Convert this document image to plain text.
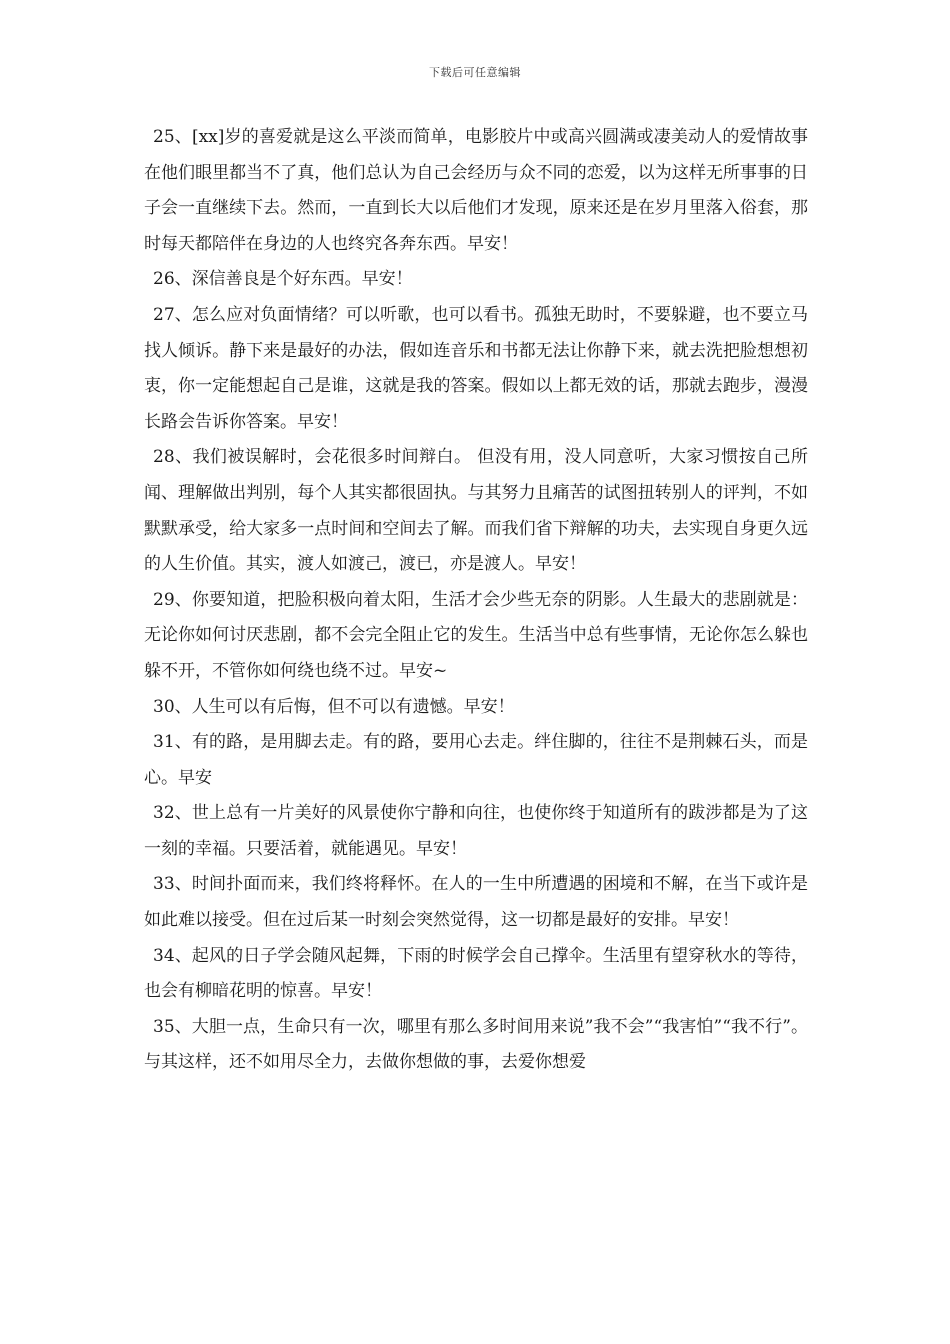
下载后可任意编辑

25、[xx]岁的喜爱就是这么平淡而简单，电影胶片中或高兴圆满或凄美动人的爱情故事在他们眼里都当不了真，他们总认为自己会经历与众不同的恋爱，以为这样无所事事的日子会一直继续下去。然而，一直到长大以后他们才发现，原来还是在岁月里落入俗套，那时每天都陪伴在身边的人也终究各奔东西。早安！

26、深信善良是个好东西。早安！

27、怎么应对负面情绪？可以听歌，也可以看书。孤独无助时，不要躲避，也不要立马找人倾诉。静下来是最好的办法，假如连音乐和书都无法让你静下来，就去洗把脸想想初衷，你一定能想起自己是谁，这就是我的答案。假如以上都无效的话，那就去跑步，漫漫长路会告诉你答案。早安！

28、我们被误解时，会花很多时间辩白。 但没有用，没人同意听，大家习惯按自己所闻、理解做出判别，每个人其实都很固执。与其努力且痛苦的试图扭转别人的评判，不如默默承受，给大家多一点时间和空间去了解。而我们省下辩解的功夫，去实现自身更久远的人生价值。其实，渡人如渡己，渡已，亦是渡人。早安！

29、你要知道，把脸积极向着太阳，生活才会少些无奈的阴影。人生最大的悲剧就是：无论你如何讨厌悲剧，都不会完全阻止它的发生。生活当中总有些事情，无论你怎么躲也躲不开，不管你如何绕也绕不过。早安~

30、人生可以有后悔，但不可以有遗憾。早安！

31、有的路，是用脚去走。有的路，要用心去走。绊住脚的，往往不是荆棘石头，而是心。早安

32、世上总有一片美好的风景使你宁静和向往，也使你终于知道所有的跋涉都是为了这一刻的幸福。只要活着，就能遇见。早安！

33、时间扑面而来，我们终将释怀。在人的一生中所遭遇的困境和不解，在当下或许是如此难以接受。但在过后某一时刻会突然觉得，这一切都是最好的安排。早安！

34、起风的日子学会随风起舞，下雨的时候学会自己撑伞。生活里有望穿秋水的等待，也会有柳暗花明的惊喜。早安！

35、大胆一点，生命只有一次，哪里有那么多时间用来说”我不会”“我害怕”“我不行”。与其这样，还不如用尽全力，去做你想做的事，去爱你想爱
